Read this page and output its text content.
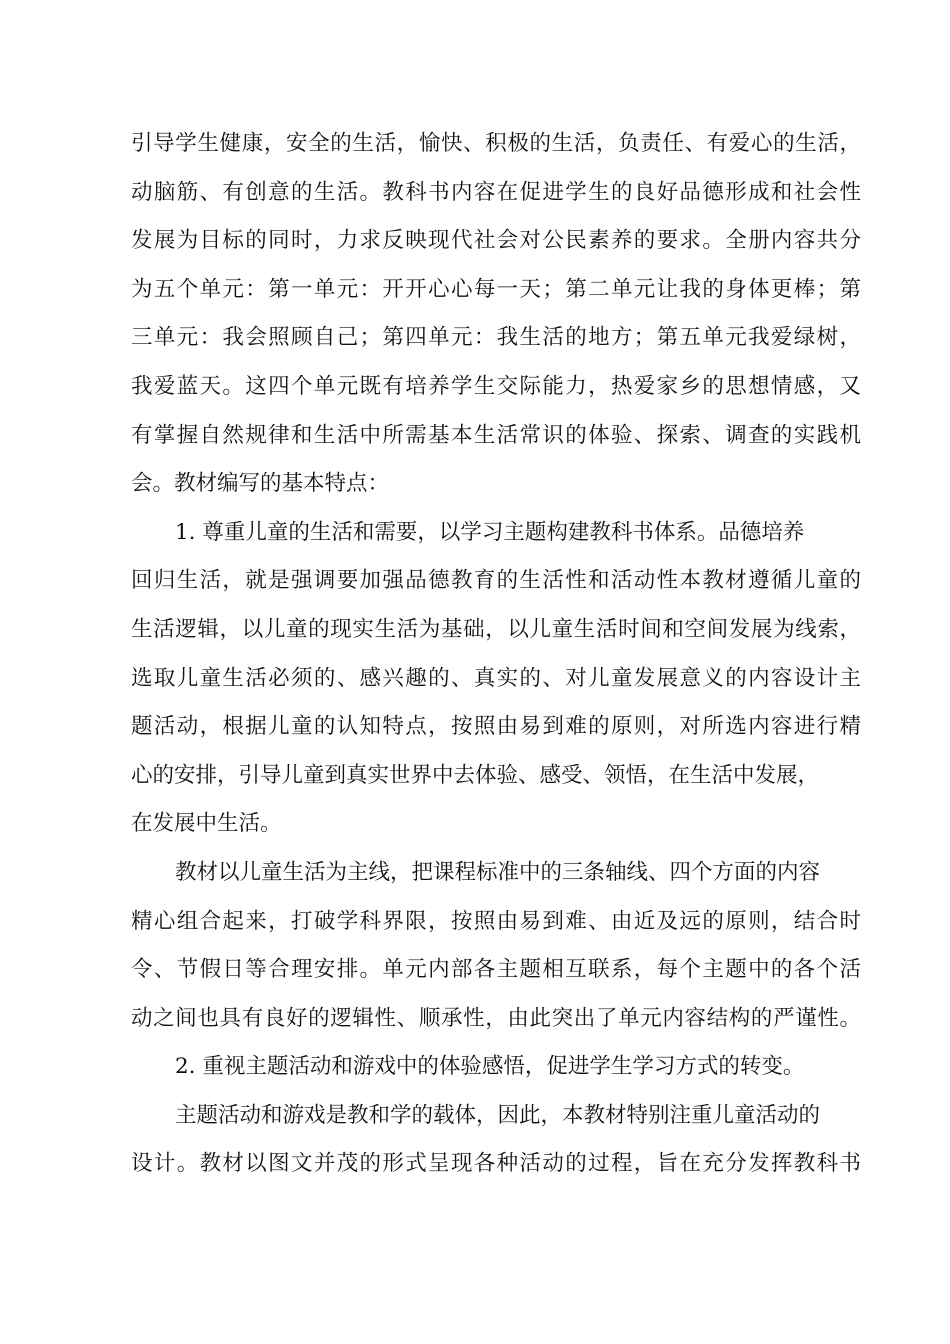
引导学生健康，安全的生活，愉快、积极的生活，负责任、有爱心的生活，
动脑筋、有创意的生活。教科书内容在促进学生的良好品德形成和社会性
发展为目标的同时，力求反映现代社会对公民素养的要求。全册内容共分
为五个单元：第一单元：开开心心每一天；第二单元让我的身体更棒；第
三单元：我会照顾自己；第四单元：我生活的地方；第五单元我爱绿树，
我爱蓝天。这四个单元既有培养学生交际能力，热爱家乡的思想情感，又
有掌握自然规律和生活中所需基本生活常识的体验、探索、调查的实践机
会。教材编写的基本特点：
1. 尊重儿童的生活和需要，以学习主题构建教科书体系。品德培养
回归生活，就是强调要加强品德教育的生活性和活动性本教材遵循儿童的
生活逻辑，以儿童的现实生活为基础，以儿童生活时间和空间发展为线索，
选取儿童生活必须的、感兴趣的、真实的、对儿童发展意义的内容设计主
题活动，根据儿童的认知特点，按照由易到难的原则，对所选内容进行精
心的安排，引导儿童到真实世界中去体验、感受、领悟，在生活中发展，
在发展中生活。
教材以儿童生活为主线，把课程标准中的三条轴线、四个方面的内容
精心组合起来，打破学科界限，按照由易到难、由近及远的原则，结合时
令、节假日等合理安排。单元内部各主题相互联系，每个主题中的各个活
动之间也具有良好的逻辑性、顺承性，由此突出了单元内容结构的严谨性。
2. 重视主题活动和游戏中的体验感悟，促进学生学习方式的转变。
主题活动和游戏是教和学的载体，因此，本教材特别注重儿童活动的
设计。教材以图文并茂的形式呈现各种活动的过程，旨在充分发挥教科书
